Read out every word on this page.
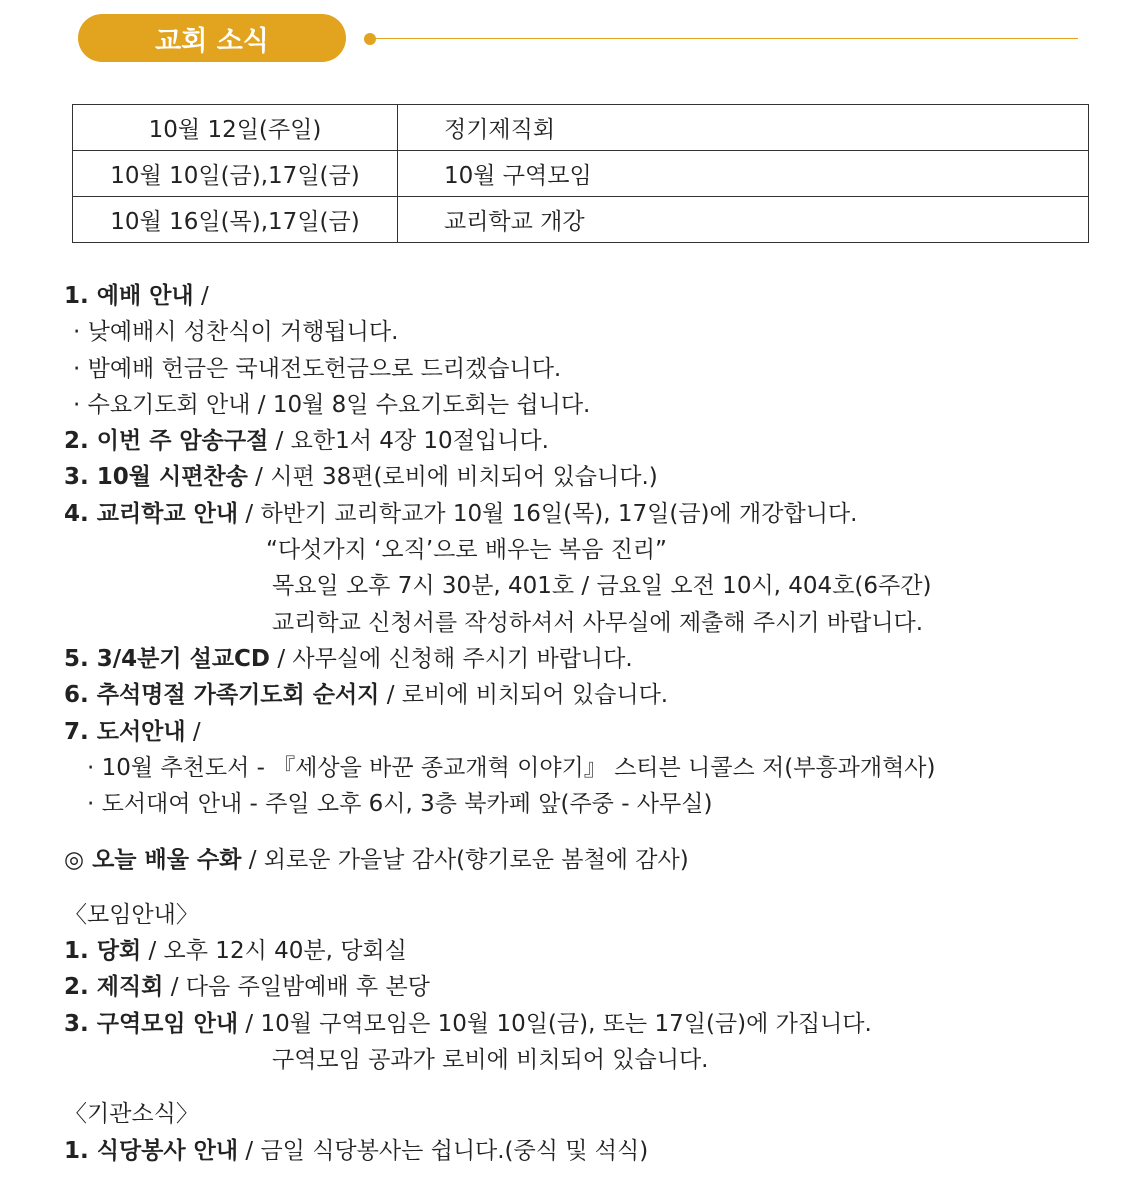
교회 소식
10월 12일(주일)	정기제직회
10월 10일(금),17일(금)	10월 구역모임
10월 16일(목),17일(금)	교리학교 개강
1. 예배 안내 /
· 낮예배시 성찬식이 거행됩니다.
· 밤예배 헌금은 국내전도헌금으로 드리겠습니다.
· 수요기도회 안내 / 10월 8일 수요기도회는 쉽니다.
2. 이번 주 암송구절 / 요한1서 4장 10절입니다.
3. 10월 시편찬송 / 시편 38편(로비에 비치되어 있습니다.)
4. 교리학교 안내 / 하반기 교리학교가 10월 16일(목), 17일(금)에 개강합니다.
“다섯가지 ‘오직’으로 배우는 복음 진리”
목요일 오후 7시 30분, 401호 / 금요일 오전 10시, 404호(6주간)
교리학교 신청서를 작성하셔서 사무실에 제출해 주시기 바랍니다.
5. 3/4분기 설교CD / 사무실에 신청해 주시기 바랍니다.
6. 추석명절 가족기도회 순서지 / 로비에 비치되어 있습니다.
7. 도서안내 /
· 10월 추천도서 - 『세상을 바꾼 종교개혁 이야기』 스티븐 니콜스 저(부흥과개혁사)
· 도서대여 안내 - 주일 오후 6시, 3층 북카페 앞(주중 - 사무실)
◎ 오늘 배울 수화 / 외로운 가을날 감사(향기로운 봄철에 감사)
〈모임안내〉
1. 당회 / 오후 12시 40분, 당회실
2. 제직회 / 다음 주일밤예배 후 본당
3. 구역모임 안내 / 10월 구역모임은 10월 10일(금), 또는 17일(금)에 가집니다.
구역모임 공과가 로비에 비치되어 있습니다.
〈기관소식〉
1. 식당봉사 안내 / 금일 식당봉사는 쉽니다.(중식 및 석식)
